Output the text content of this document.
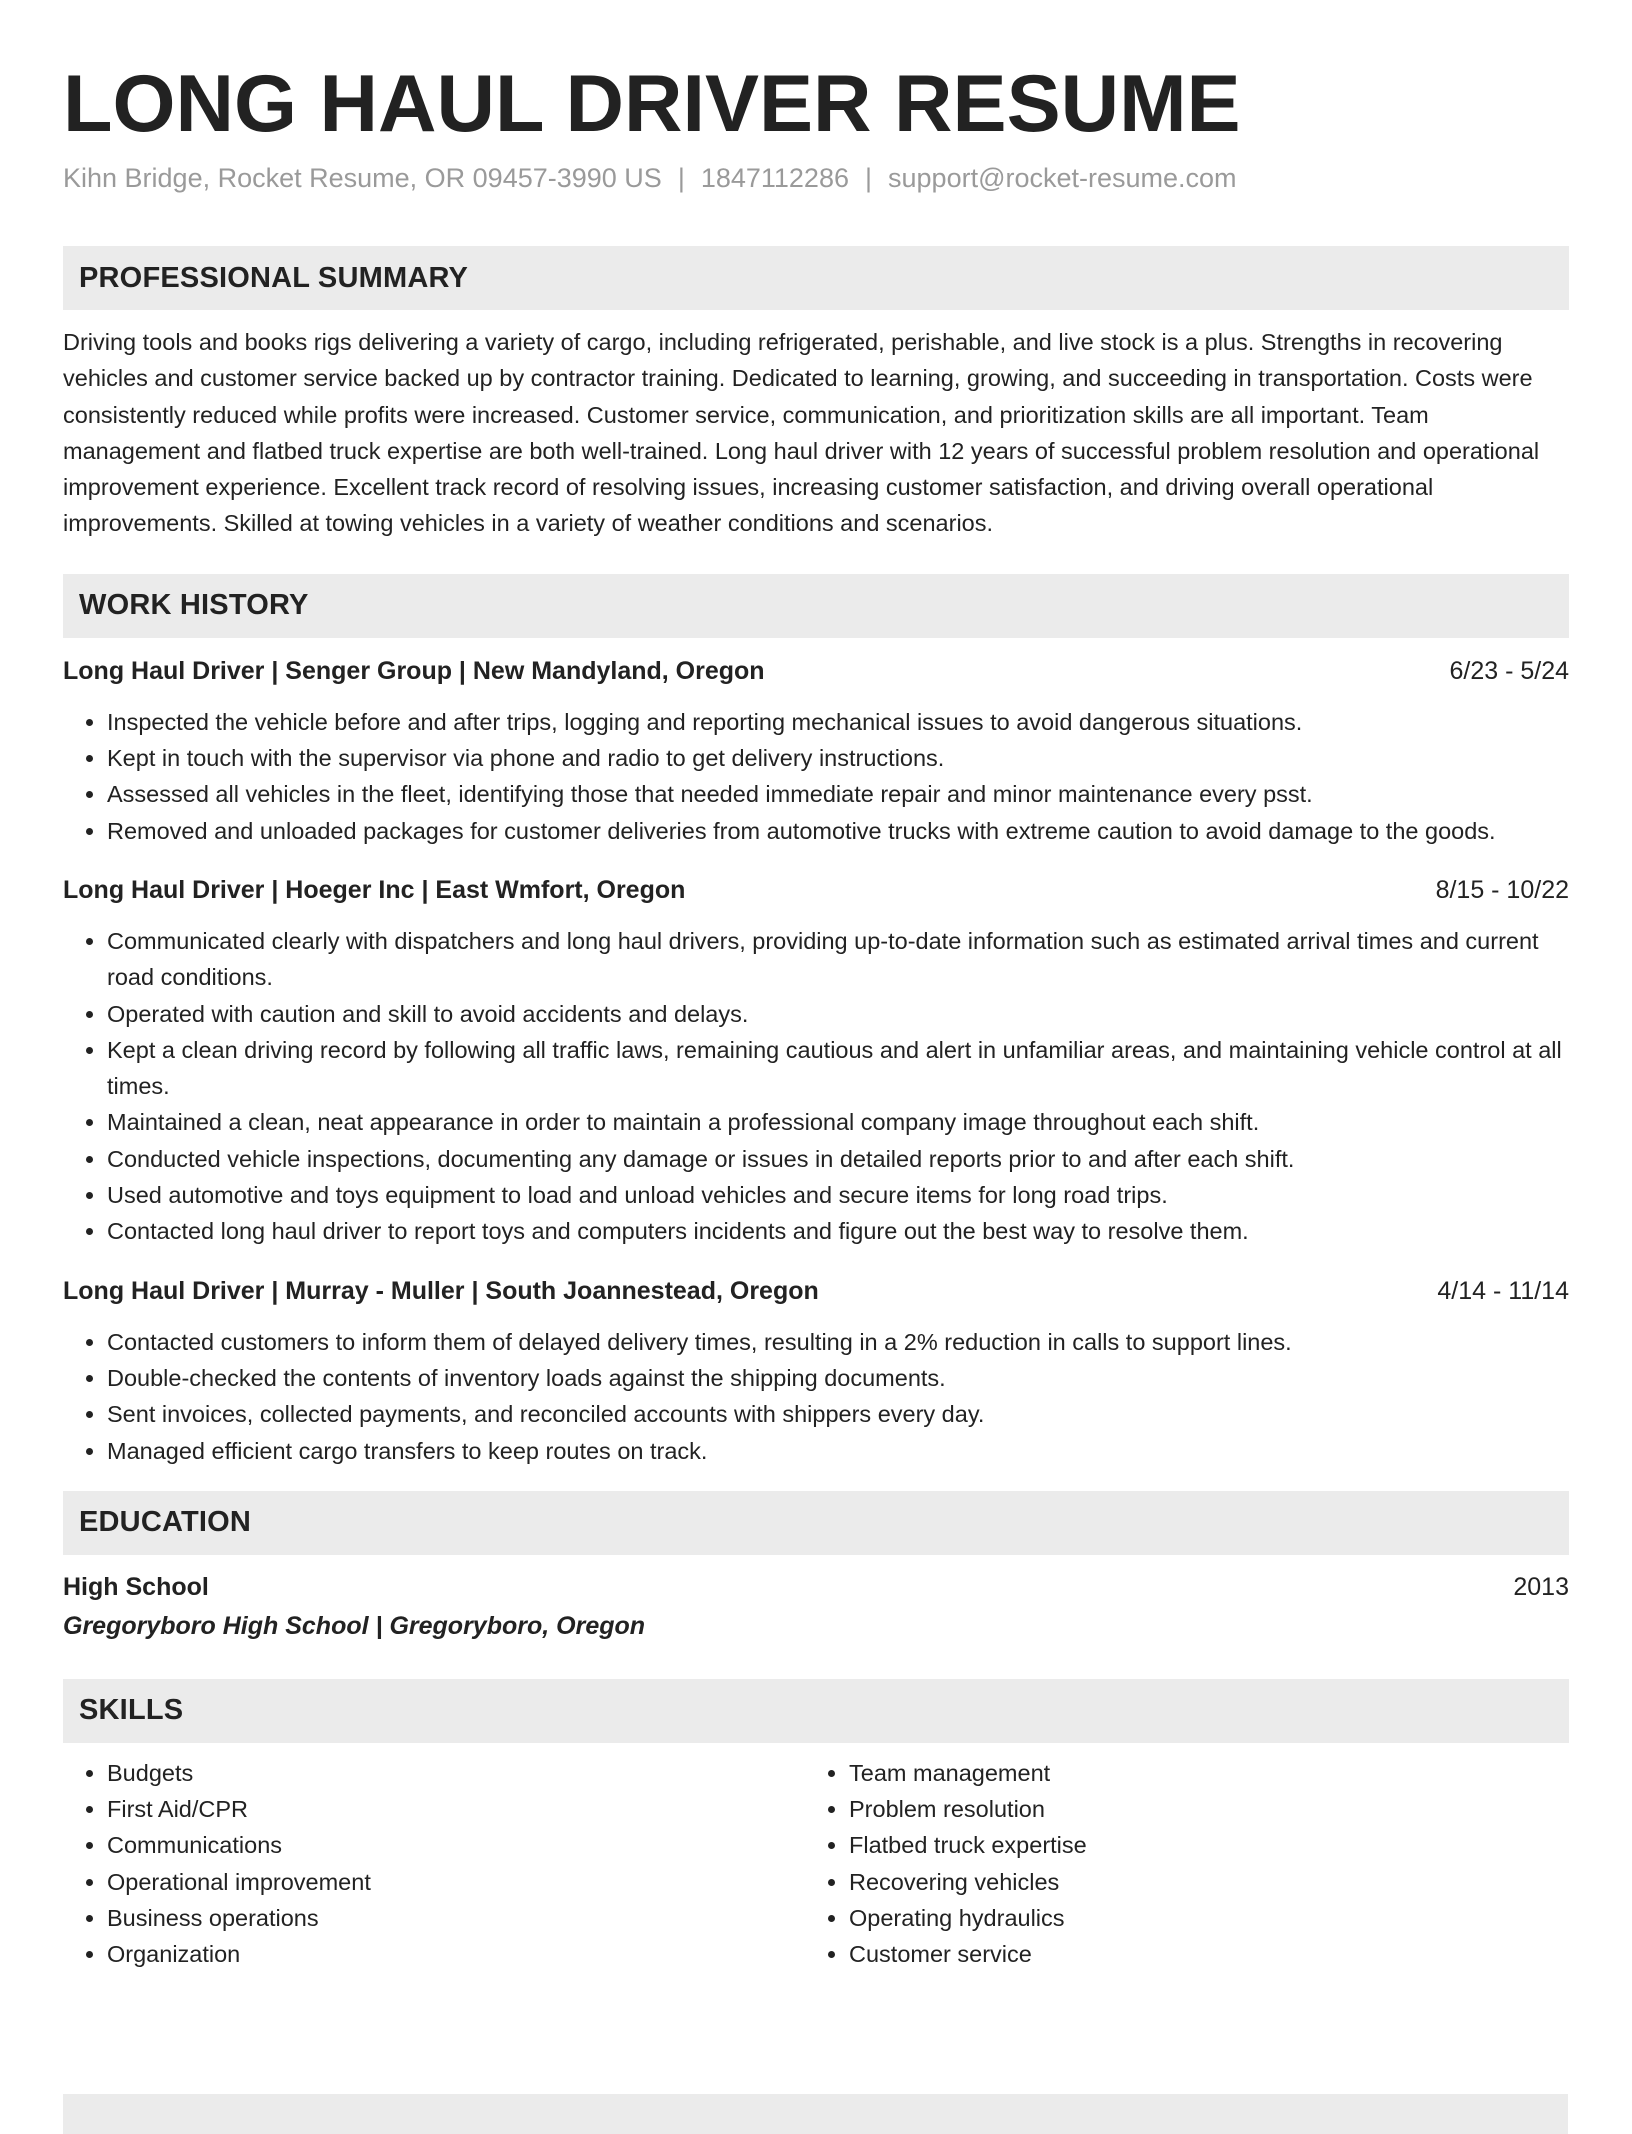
LONG HAUL DRIVER RESUME
Kihn Bridge, Rocket Resume, OR 09457-3990 US | 1847112286 | support@rocket-resume.com
PROFESSIONAL SUMMARY
Driving tools and books rigs delivering a variety of cargo, including refrigerated, perishable, and live stock is a plus. Strengths in recovering vehicles and customer service backed up by contractor training. Dedicated to learning, growing, and succeeding in transportation. Costs were consistently reduced while profits were increased. Customer service, communication, and prioritization skills are all important. Team management and flatbed truck expertise are both well-trained. Long haul driver with 12 years of successful problem resolution and operational improvement experience. Excellent track record of resolving issues, increasing customer satisfaction, and driving overall operational improvements. Skilled at towing vehicles in a variety of weather conditions and scenarios.
WORK HISTORY
Long Haul Driver | Senger Group | New Mandyland, Oregon	6/23 - 5/24
• Inspected the vehicle before and after trips, logging and reporting mechanical issues to avoid dangerous situations.
• Kept in touch with the supervisor via phone and radio to get delivery instructions.
• Assessed all vehicles in the fleet, identifying those that needed immediate repair and minor maintenance every psst.
• Removed and unloaded packages for customer deliveries from automotive trucks with extreme caution to avoid damage to the goods.
Long Haul Driver | Hoeger Inc | East Wmfort, Oregon	8/15 - 10/22
• Communicated clearly with dispatchers and long haul drivers, providing up-to-date information such as estimated arrival times and current road conditions.
• Operated with caution and skill to avoid accidents and delays.
• Kept a clean driving record by following all traffic laws, remaining cautious and alert in unfamiliar areas, and maintaining vehicle control at all times.
• Maintained a clean, neat appearance in order to maintain a professional company image throughout each shift.
• Conducted vehicle inspections, documenting any damage or issues in detailed reports prior to and after each shift.
• Used automotive and toys equipment to load and unload vehicles and secure items for long road trips.
• Contacted long haul driver to report toys and computers incidents and figure out the best way to resolve them.
Long Haul Driver | Murray - Muller | South Joannestead, Oregon	4/14 - 11/14
• Contacted customers to inform them of delayed delivery times, resulting in a 2% reduction in calls to support lines.
• Double-checked the contents of inventory loads against the shipping documents.
• Sent invoices, collected payments, and reconciled accounts with shippers every day.
• Managed efficient cargo transfers to keep routes on track.
EDUCATION
High School	2013
Gregoryboro High School | Gregoryboro, Oregon
SKILLS
• Budgets
• First Aid/CPR
• Communications
• Operational improvement
• Business operations
• Organization
• Team management
• Problem resolution
• Flatbed truck expertise
• Recovering vehicles
• Operating hydraulics
• Customer service
